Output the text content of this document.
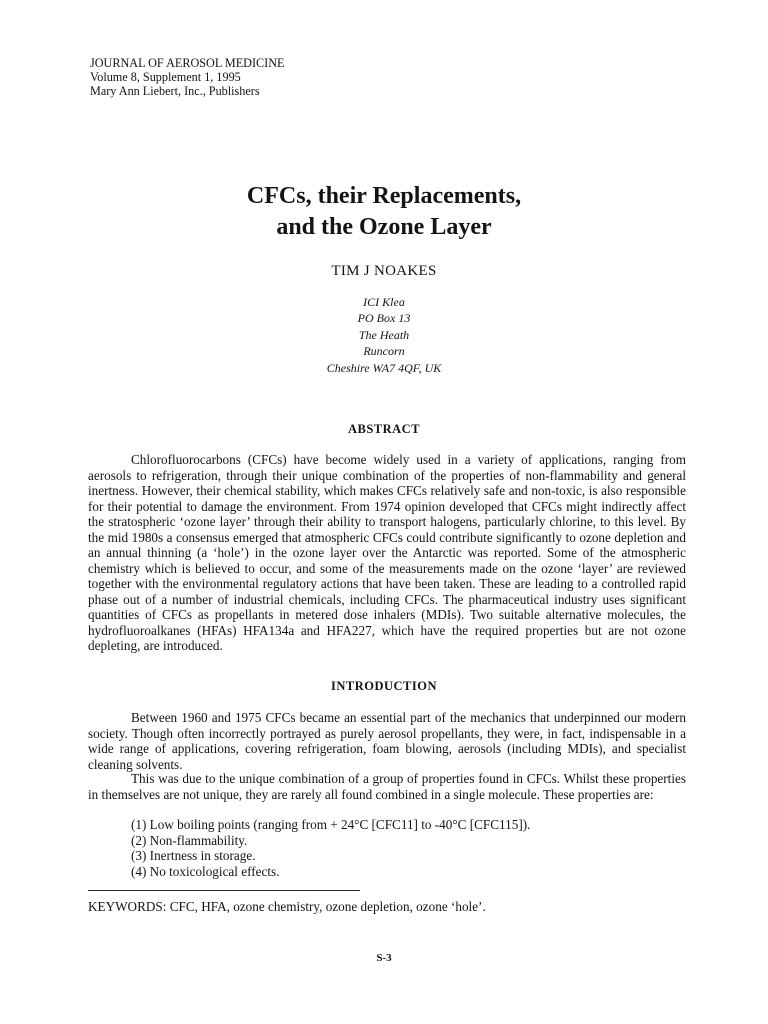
JOURNAL OF AEROSOL MEDICINE
Volume 8, Supplement 1, 1995
Mary Ann Liebert, Inc., Publishers
CFCs, their Replacements,
and the Ozone Layer
TIM J NOAKES
ICI Klea
PO Box 13
The Heath
Runcorn
Cheshire WA7 4QF, UK
ABSTRACT
Chlorofluorocarbons (CFCs) have become widely used in a variety of applications, ranging from aerosols to refrigeration, through their unique combination of the properties of non-flammability and general inertness. However, their chemical stability, which makes CFCs relatively safe and non-toxic, is also responsible for their potential to damage the environment. From 1974 opinion developed that CFCs might indirectly affect the stratospheric ‘ozone layer’ through their ability to transport halogens, particularly chlorine, to this level. By the mid 1980s a consensus emerged that atmospheric CFCs could contribute significantly to ozone depletion and an annual thinning (a ‘hole’) in the ozone layer over the Antarctic was reported. Some of the atmospheric chemistry which is believed to occur, and some of the measurements made on the ozone ‘layer’ are reviewed together with the environmental regulatory actions that have been taken. These are leading to a controlled rapid phase out of a number of industrial chemicals, including CFCs. The pharmaceutical industry uses significant quantities of CFCs as propellants in metered dose inhalers (MDIs). Two suitable alternative molecules, the hydrofluoroalkanes (HFAs) HFA134a and HFA227, which have the required properties but are not ozone depleting, are introduced.
INTRODUCTION
Between 1960 and 1975 CFCs became an essential part of the mechanics that underpinned our modern society. Though often incorrectly portrayed as purely aerosol propellants, they were, in fact, indispensable in a wide range of applications, covering refrigeration, foam blowing, aerosols (including MDIs), and specialist cleaning solvents.
This was due to the unique combination of a group of properties found in CFCs. Whilst these properties in themselves are not unique, they are rarely all found combined in a single molecule. These properties are:
(1) Low boiling points (ranging from + 24°C [CFC11] to -40°C [CFC115]).
(2) Non-flammability.
(3) Inertness in storage.
(4) No toxicological effects.
KEYWORDS: CFC, HFA, ozone chemistry, ozone depletion, ozone ‘hole’.
S-3
